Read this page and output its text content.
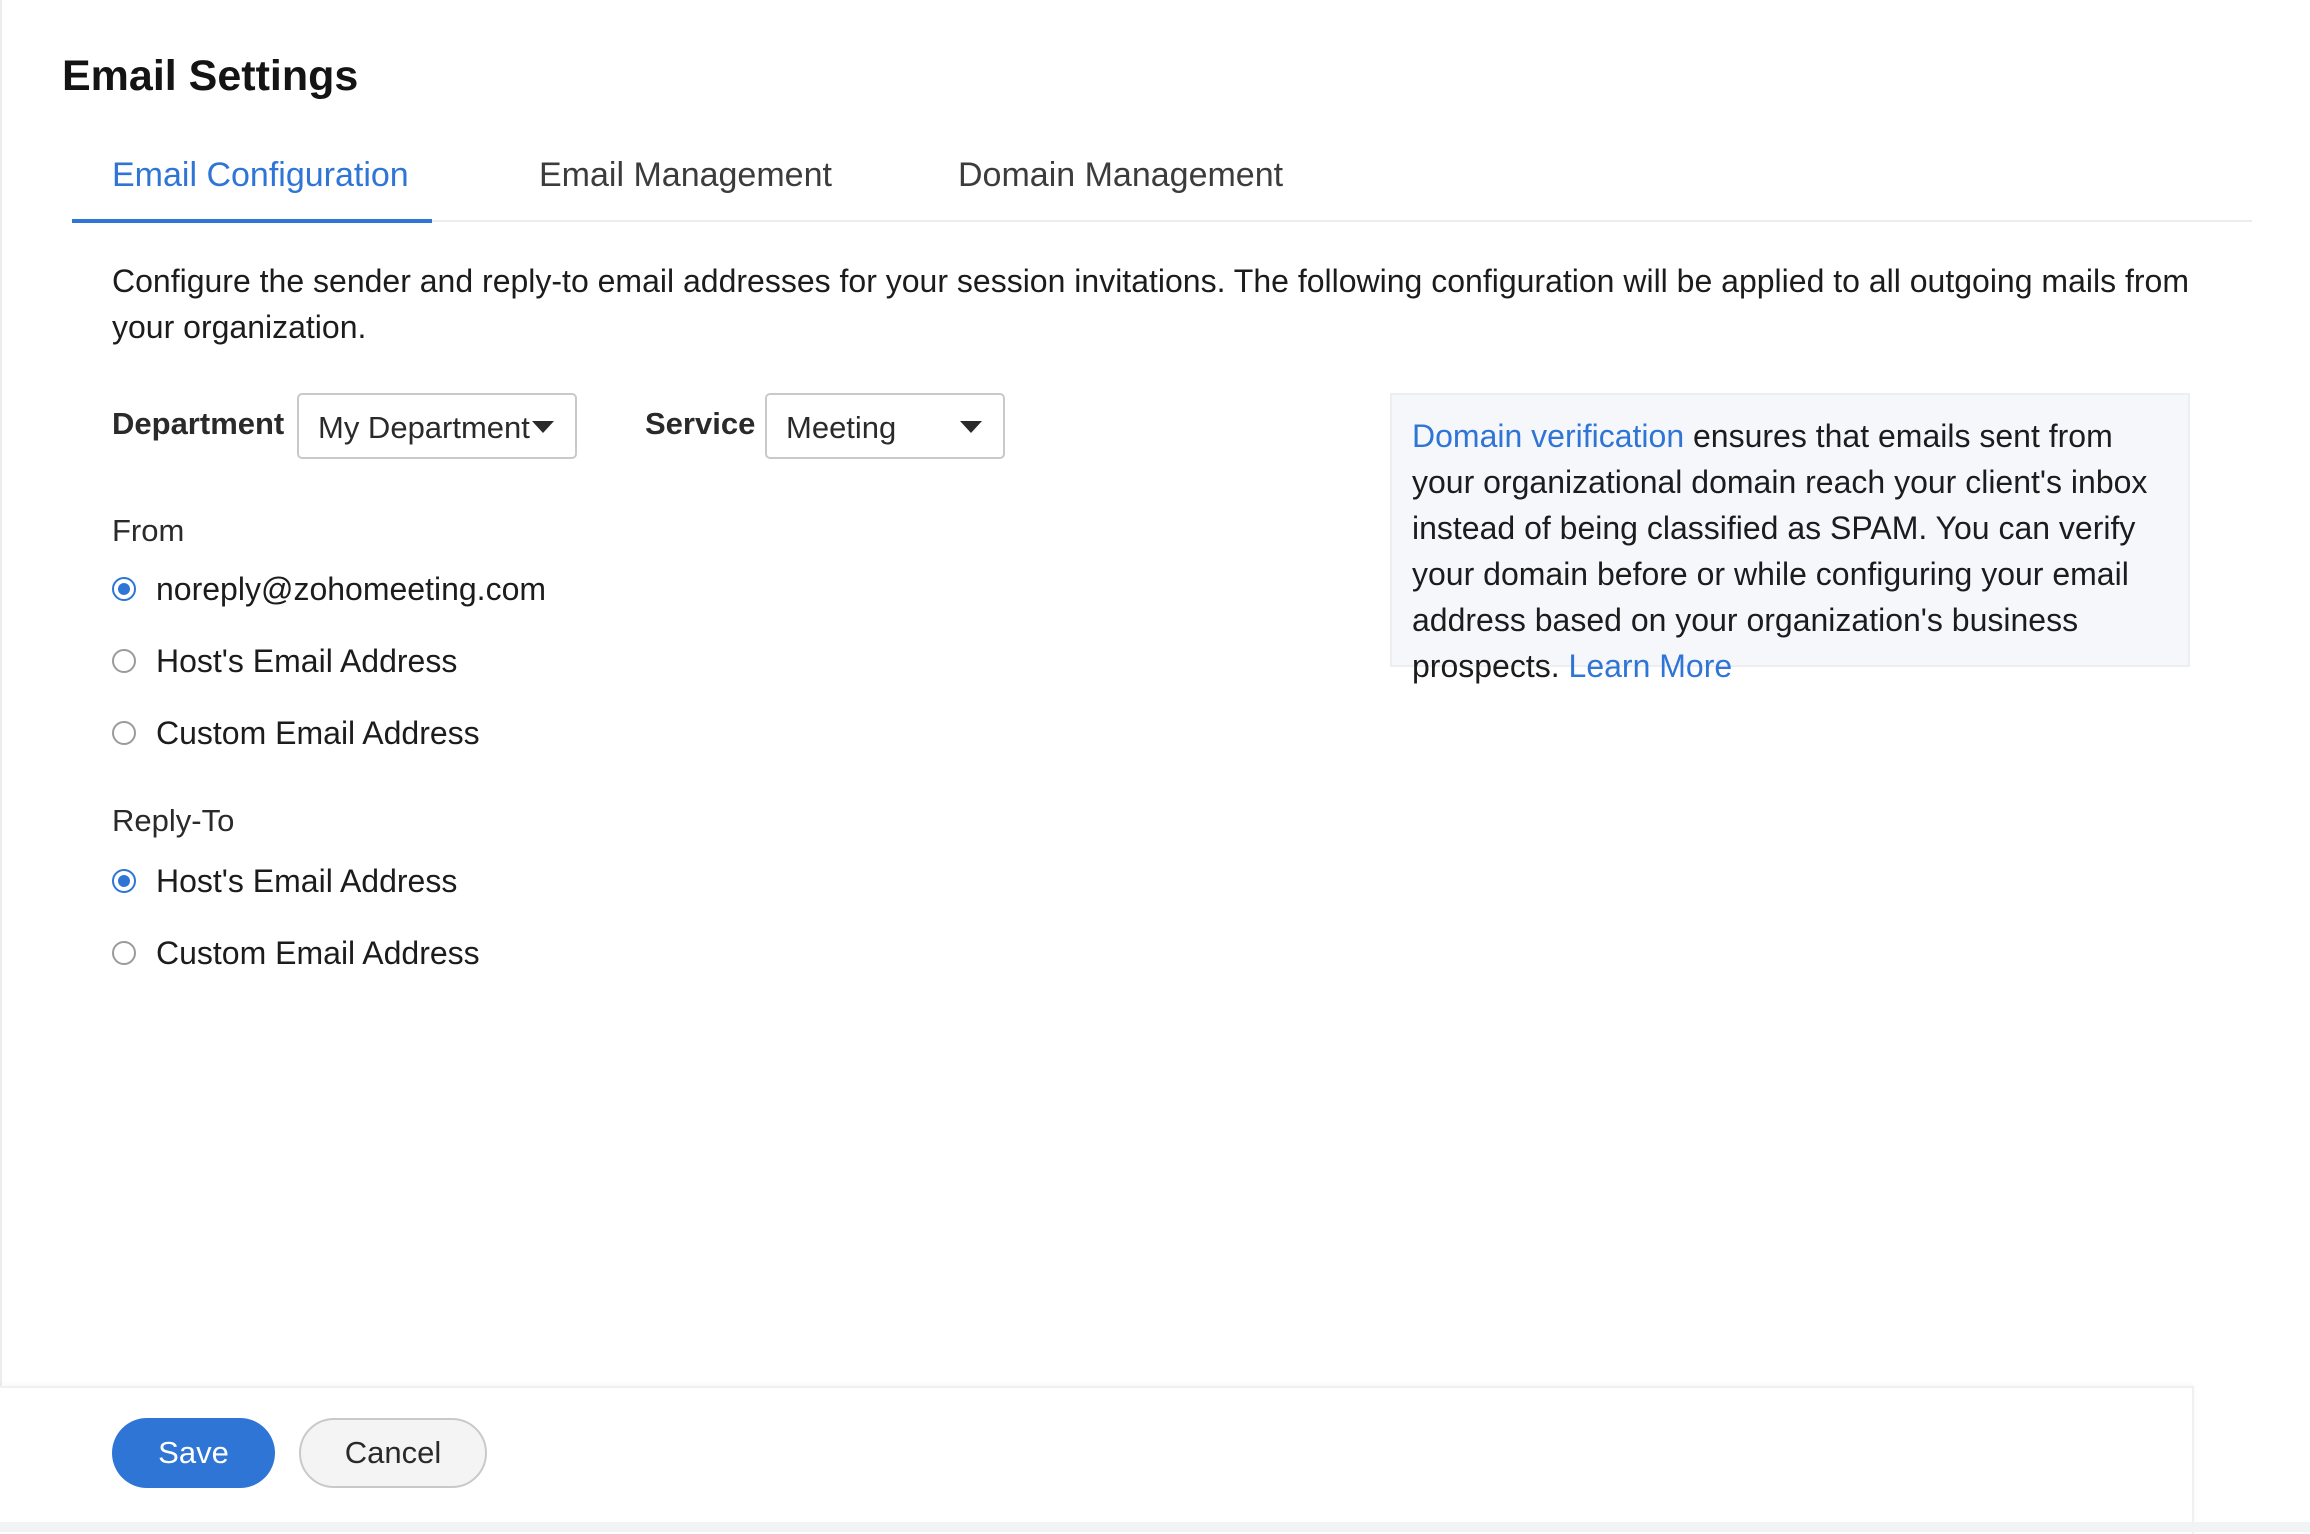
Email Settings
Email Configuration	Email Management	Domain Management
Configure the sender and reply-to email addresses for your session invitations. The following configuration will be applied to all outgoing mails from your organization.
Department My Department	Service Meeting
From
noreply@zohomeeting.com
Host's Email Address
Custom Email Address
Reply-To
Host's Email Address
Custom Email Address
Domain verification ensures that emails sent from your organizational domain reach your client's inbox instead of being classified as SPAM. You can verify your domain before or while configuring your email address based on your organization's business prospects. Learn More
Save	Cancel
